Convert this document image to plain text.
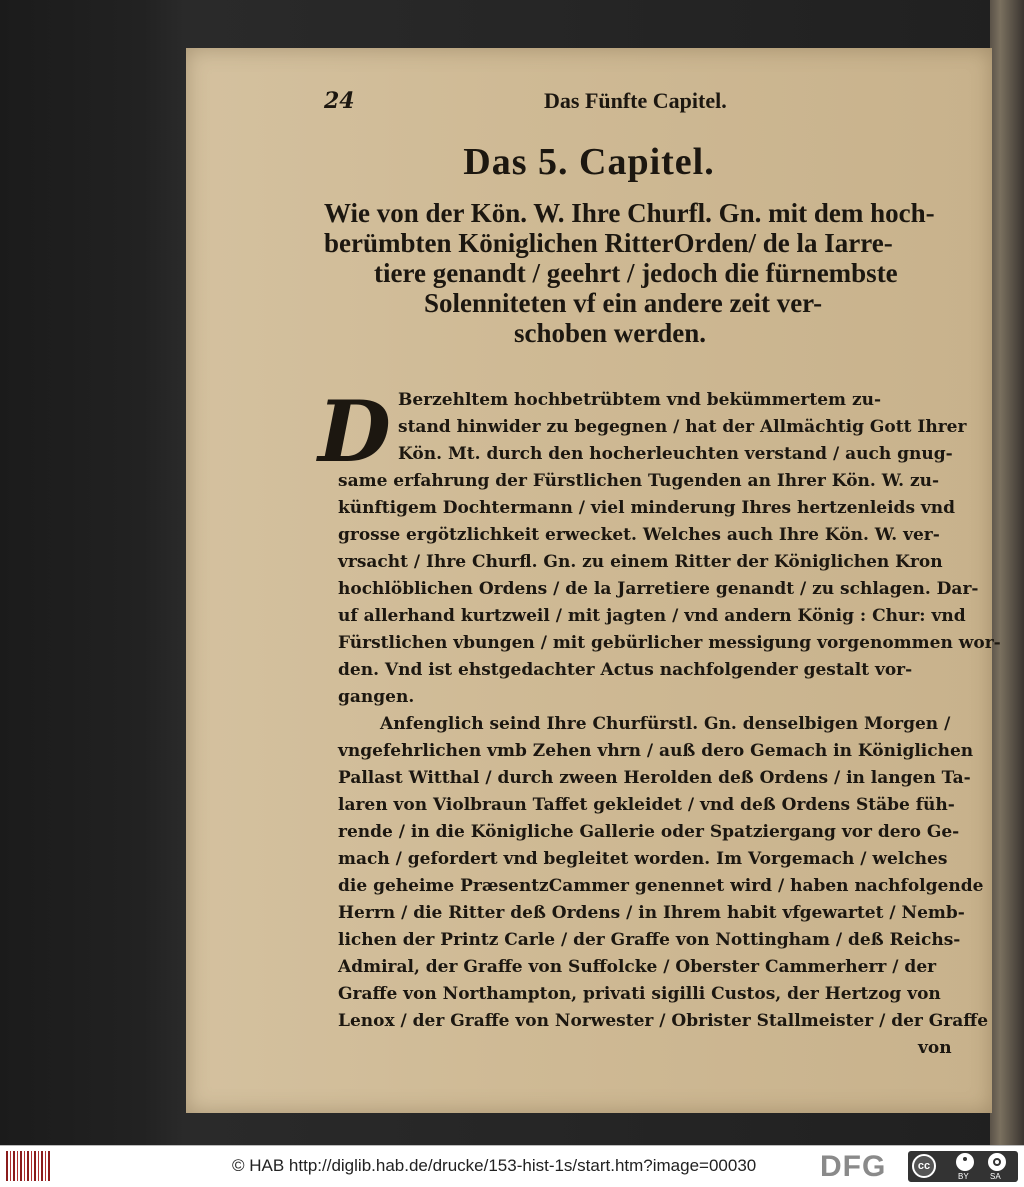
24	Das Fünfte Capitel.
Das 5. Capitel.
Wie von der Kön. W. Ihre Churfl. Gn. mit dem hoch-
berümbten Königlichen RitterOrden/ de la Iarre-
tiere genandt / geehrt / jedoch die fürnembste
Solenniteten vf ein andere zeit ver-
schoben werden.
D Berzehltem hochbetrübtem vnd bekümmertem zu-
stand hinwider zu begegnen / hat der Allmächtig Gott Ihrer
Kön. Mt. durch den hocherleuchten verstand / auch gnug-
same erfahrung der Fürstlichen Tugenden an Ihrer Kön. W. zu-
künftigem Dochtermann / viel minderung Ihres hertzenleids vnd
grosse ergötzlichkeit erwecket. Welches auch Ihre Kön. W. ver-
vrsacht / Ihre Churfl. Gn. zu einem Ritter der Königlichen Kron
hochlöblichen Ordens / de la Jarretiere genandt / zu schlagen. Dar-
uf allerhand kurtzweil / mit jagten / vnd andern König : Chur: vnd
Fürstlichen vbungen / mit gebürlicher messigung vorgenommen wor-
den. Vnd ist ehstgedachter Actus nachfolgender gestalt vor-
gangen.
Anfenglich seind Ihre Churfürstl. Gn. denselbigen Morgen /
vngefehrlichen vmb Zehen vhrn / auß dero Gemach in Königlichen
Pallast Witthal / durch zween Herolden deß Ordens / in langen Ta-
laren von Violbraun Taffet gekleidet / vnd deß Ordens Stäbe füh-
rende / in die Königliche Gallerie oder Spatziergang vor dero Ge-
mach / gefordert vnd begleitet worden. Im Vorgemach / welches
die geheime PræsentzCammer genennet wird / haben nachfolgende
Herrn / die Ritter deß Ordens / in Ihrem habit vfgewartet / Nemb-
lichen der Printz Carle / der Graffe von Nottingham / deß Reichs-
Admiral, der Graffe von Suffolcke / Oberster Cammerherr / der
Graffe von Northampton, privati sigilli Custos, der Hertzog von
Lenox / der Graffe von Norwester / Obrister Stallmeister / der Graffe
von
© HAB http://diglib.hab.de/drucke/153-hist-1s/start.htm?image=00030 DFG	cc
BY	SA
